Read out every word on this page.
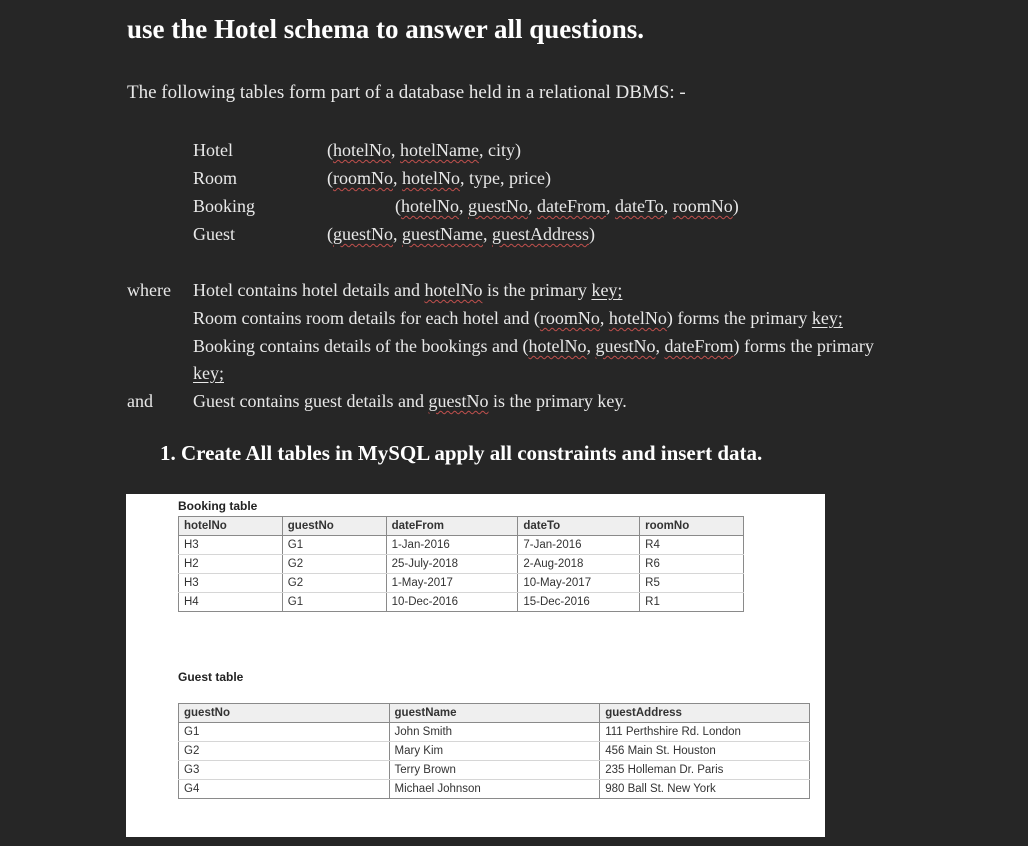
use the Hotel schema to answer all questions.
The following tables form part of a database held in a relational DBMS: -
Hotel	(hotelNo, hotelName, city)
Room	(roomNo, hotelNo, type, price)
Booking	(hotelNo, guestNo, dateFrom, dateTo, roomNo)
Guest	(guestNo, guestName, guestAddress)
where Hotel contains hotel details and hotelNo is the primary key;
Room contains room details for each hotel and (roomNo, hotelNo) forms the primary key;
Booking contains details of the bookings and (hotelNo, guestNo, dateFrom) forms the primary
key;
and Guest contains guest details and guestNo is the primary key.
1. Create All tables in MySQL apply all constraints and insert data.
Booking table
hotelNo	guestNo	dateFrom	dateTo	roomNo
H3	G1	1-Jan-2016	7-Jan-2016	R4
H2	G2	25-July-2018	2-Aug-2018	R6
H3	G2	1-May-2017	10-May-2017	R5
H4	G1	10-Dec-2016	15-Dec-2016	R1
Guest table
guestNo	guestName	guestAddress
G1	John Smith	111 Perthshire Rd. London
G2	Mary Kim	456 Main St. Houston
G3	Terry Brown	235 Holleman Dr. Paris
G4	Michael Johnson	980 Ball St. New York
